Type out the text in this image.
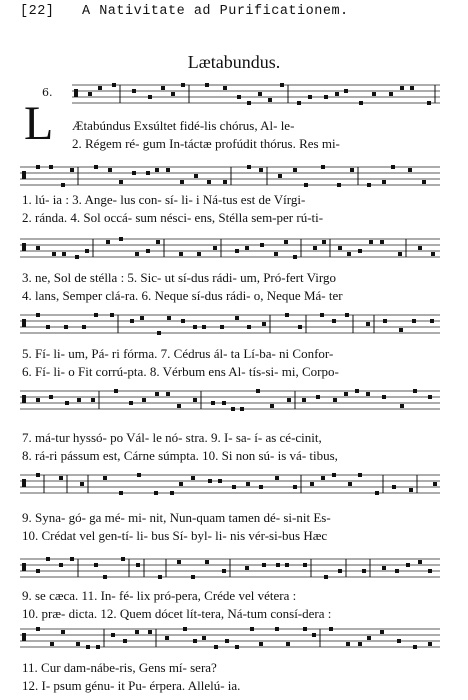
[22] A Nativitate ad Purificationem.
Lætabundus.
6.
L Ætabúndus Exsúltet fidé-lis chórus, Al- le-
2. Régem ré- gum In-táctæ profúdit thórus. Res mi-
1. lú- ia : 3. Ange- lus con- sí- li- i Ná-tus est de Vírgi-
2. ránda. 4. Sol occá- sum nésci- ens, Stélla sem-per rú-ti-
3. ne, Sol de stélla : 5. Sic- ut sí-dus rádi- um, Pró-fert Virgo
4. lans, Semper clá-ra. 6. Neque sí-dus rádi- o, Neque Má- ter
5. Fí- li- um, Pá- ri fórma. 7. Cédrus ál- ta Lí-ba- ni Confor-
6. Fí- li- o Fit corrú-pta. 8. Vérbum ens Al- tís-si- mi, Corpo-
7. má-tur hyssó- po Vál- le nó- stra. 9. I- sa- í- as cé-cinit,
8. rá-ri pássum est, Cárne súmpta. 10. Si non sú- is vá- tibus,
9. Syna- gó- ga mé- mi- nit, Nun-quam tamen dé- si-nit Es-
10. Crédat vel gen-tí- li- bus Sí- byl- li- nis vér-si-bus Hæc
9. se cæca. 11. In- fé- lix pró-pera, Créde vel vétera :
10. præ- dicta. 12. Quem dócet lít-tera, Ná-tum consí-dera :
11. Cur dam-nábe-ris, Gens mí- sera?
12. I- psum génu- it Pu- érpera. Allelú- ia.
